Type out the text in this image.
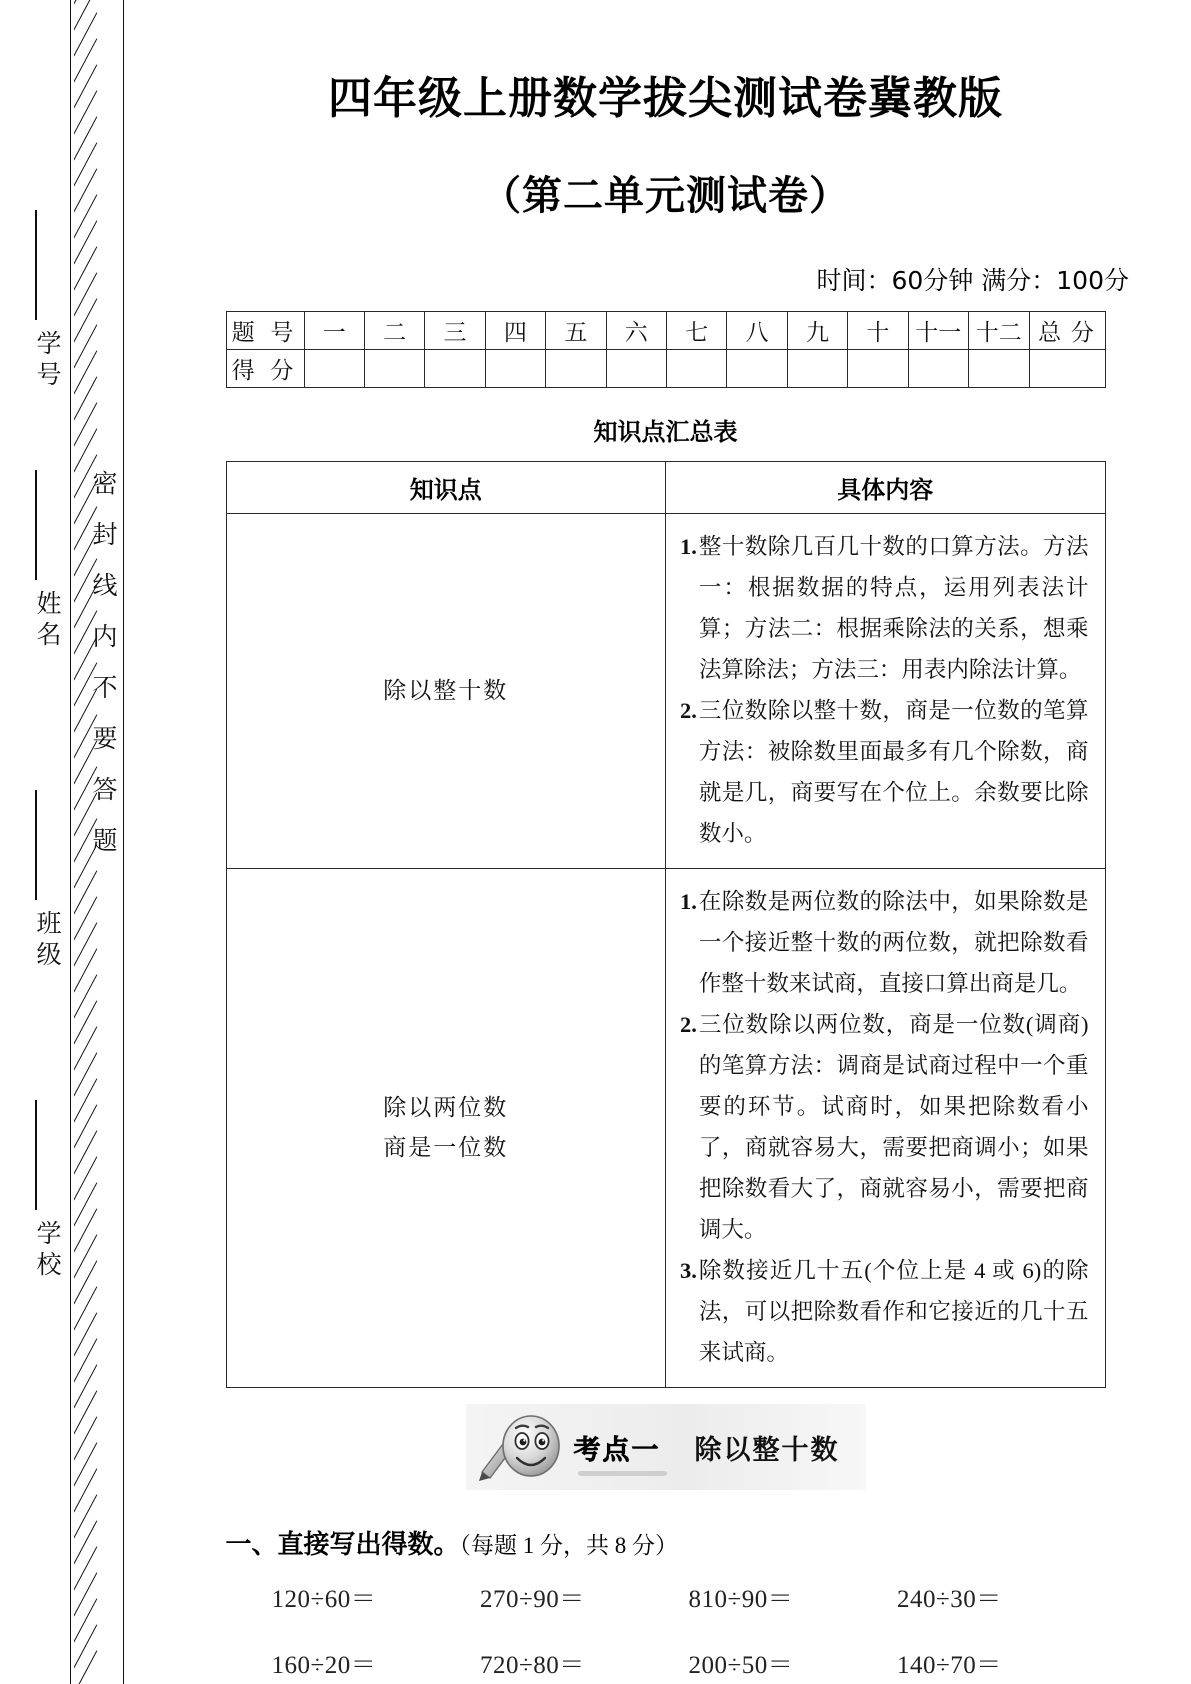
学号
姓名
班级
学校
密封线内不要答题
四年级上册数学拔尖测试卷冀教版
（第二单元测试卷）
时间：60分钟 满分：100分
题 号	一	二	三	四	五	六	七	八	九	十	十一	十二	总 分
得 分													
知识点汇总表
知识点	具体内容
除以整十数	1. 整十数除几百几十数的口算方法。方法一：根据数据的特点，运用列表法计算；方法二：根据乘除法的关系，想乘法算除法；方法三：用表内除法计算。
2. 三位数除以整十数，商是一位数的笔算方法：被除数里面最多有几个除数，商就是几，商要写在个位上。余数要比除数小。

除以两位数
商是一位数

1. 在除数是两位数的除法中，如果除数是一个接近整十数的两位数，就把除数看作整十数来试商，直接口算出商是几。
2. 三位数除以两位数，商是一位数(调商)的笔算方法：调商是试商过程中一个重要的环节。试商时，如果把除数看小了，商就容易大，需要把商调小；如果把除数看大了，商就容易小，需要把商调大。
3. 除数接近几十五(个位上是 4 或 6)的除法，可以把除数看作和它接近的几十五来试商。
考点一 除以整十数
一、直接写出得数。（每题 1 分，共 8 分）
120÷60＝	270÷90＝	810÷90＝	240÷30＝
160÷20＝	720÷80＝	200÷50＝	140÷70＝
